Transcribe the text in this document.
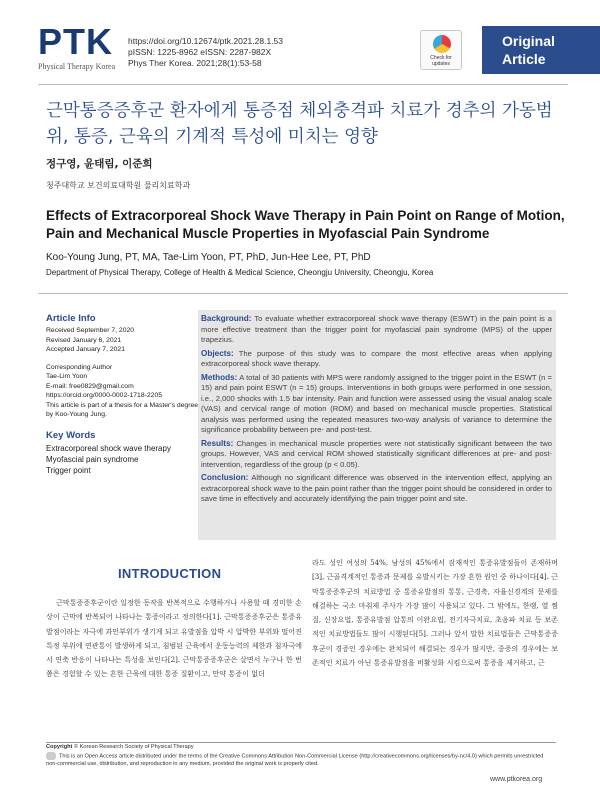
PTK
Physical Therapy Korea
https://doi.org/10.12674/ptk.2021.28.1.53
pISSN: 1225-8962 eISSN: 2287-982X
Phys Ther Korea. 2021;28(1):53-58	Check for updates
Original
Article
근막통증증후군 환자에게 통증점 체외충격파 치료가 경추의 가동범위, 통증, 근육의 기계적 특성에 미치는 영향
정구영, 윤태림, 이준희
청주대학교 보건의료대학원 물리치료학과
Effects of Extracorporeal Shock Wave Therapy in Pain Point on Range of Motion, Pain and Mechanical Muscle Properties in Myofascial Pain Syndrome
Koo-Young Jung, PT, MA, Tae-Lim Yoon, PT, PhD, Jun-Hee Lee, PT, PhD
Department of Physical Therapy, College of Health & Medical Science, Cheongju University, Cheongju, Korea
Article Info
Received September 7, 2020
Revised January 6, 2021
Accepted January 7, 2021
Corresponding Author
Tae-Lim Yoon
E-mail: free0829@gmail.com
https://orcid.org/0000-0002-1718-2205
This article is part of a thesis for a Master's degree
by Koo-Young Jung.
Key Words
Extracorporeal shock wave therapy
Myofascial pain syndrome
Trigger point

Background: To evaluate whether extracorporeal shock wave therapy (ESWT) in the pain point is a more effective treatment than the trigger point for myofascial pain syndrome (MPS) of the upper trapezius.

Objects: The purpose of this study was to compare the most effective areas when applying extracorporeal shock wave therapy.

Methods: A total of 30 patients with MPS were randomly assigned to the trigger point in the ESWT (n = 15) and pain point ESWT (n = 15) groups. Interventions in both groups were performed in one session, i.e., 2,000 shocks with 1.5 bar intensity. Pain and function were assessed using the visual analog scale (VAS) and cervical range of motion (ROM) and based on mechanical muscle properties. Statistical analysis was performed using the repeated measures two-way analysis of variance to determine the significance probability between pre- and post-test.

Results: Changes in mechanical muscle properties were not statistically significant between the two groups. However, VAS and cervical ROM showed statistically significant differences at pre- and post-intervention, regardless of the group (p < 0.05).

Conclusion: Although no significant difference was observed in the intervention effect, applying an extracorporeal shock wave to the pain point rather than the trigger point should be considered in order to save time in effectively and accurately identifying the pain trigger point and site.

INTRODUCTION

근막통증증후군이란 일정한 동작을 반복적으로 수행하거나 사용할 때 경미한 손상이 근막에 반복되어 나타나는 통증이라고 정의한다[1]. 근막통증증후군은 통증유발점이라는 자극에 과민부위가 생기게 되고 유발점을 압박 시 압박한 부위와 떨어진 특정 부위에 연관통이 발생하게 되고, 침범된 근육에서 운동능력의 제한과 침자극에서 연축 반응이 나타나는 특성을 보인다[2]. 근막통증증후군은 살면서 누구나 한 번쯤은 경험할 수 있는 흔한 근육에 대한 통증 질환이고, 만약 통증이 없더

라도 성인 여성의 54%, 남성의 45%에서 잠재적인 통증유발점들이 존재하며[3], 근골격계적인 통증과 문제를 유발시키는 가장 흔한 원인 중 하나이다[4]. 근막통증증후군의 치료방법 중 통증유발점의 통통, 근경축, 자율신경계의 문제를 해결하는 국소 마취제 주사가 가장 많이 사용되고 있다. 그 밖에도, 한랭, 열 찜질, 신장요법, 통증유발점 압통의 이완요법, 전기자극치료, 초음파 치료 등 보존적인 치료방법들도 많이 시행된다[5]. 그러나 앞서 말한 치료법들은 근막통증증후군이 경증인 경우에는 완치되어 해결되는 경우가 많지만, 중증의 경우에는 보존적인 치료가 아닌 통증유발점을 비활성화 시킴으로써 통증을 제거하고, 근

Copyright © Korean Research Society of Physical Therapy
This is an Open Access article distributed under the terms of the Creative Commons Attribution Non-Commercial License (http://creativecommons.org/licenses/by-nc/4.0) which permits unrestricted non-commercial use, distribution, and reproduction in any medium, provided the original work is properly cited.
www.ptkorea.org
